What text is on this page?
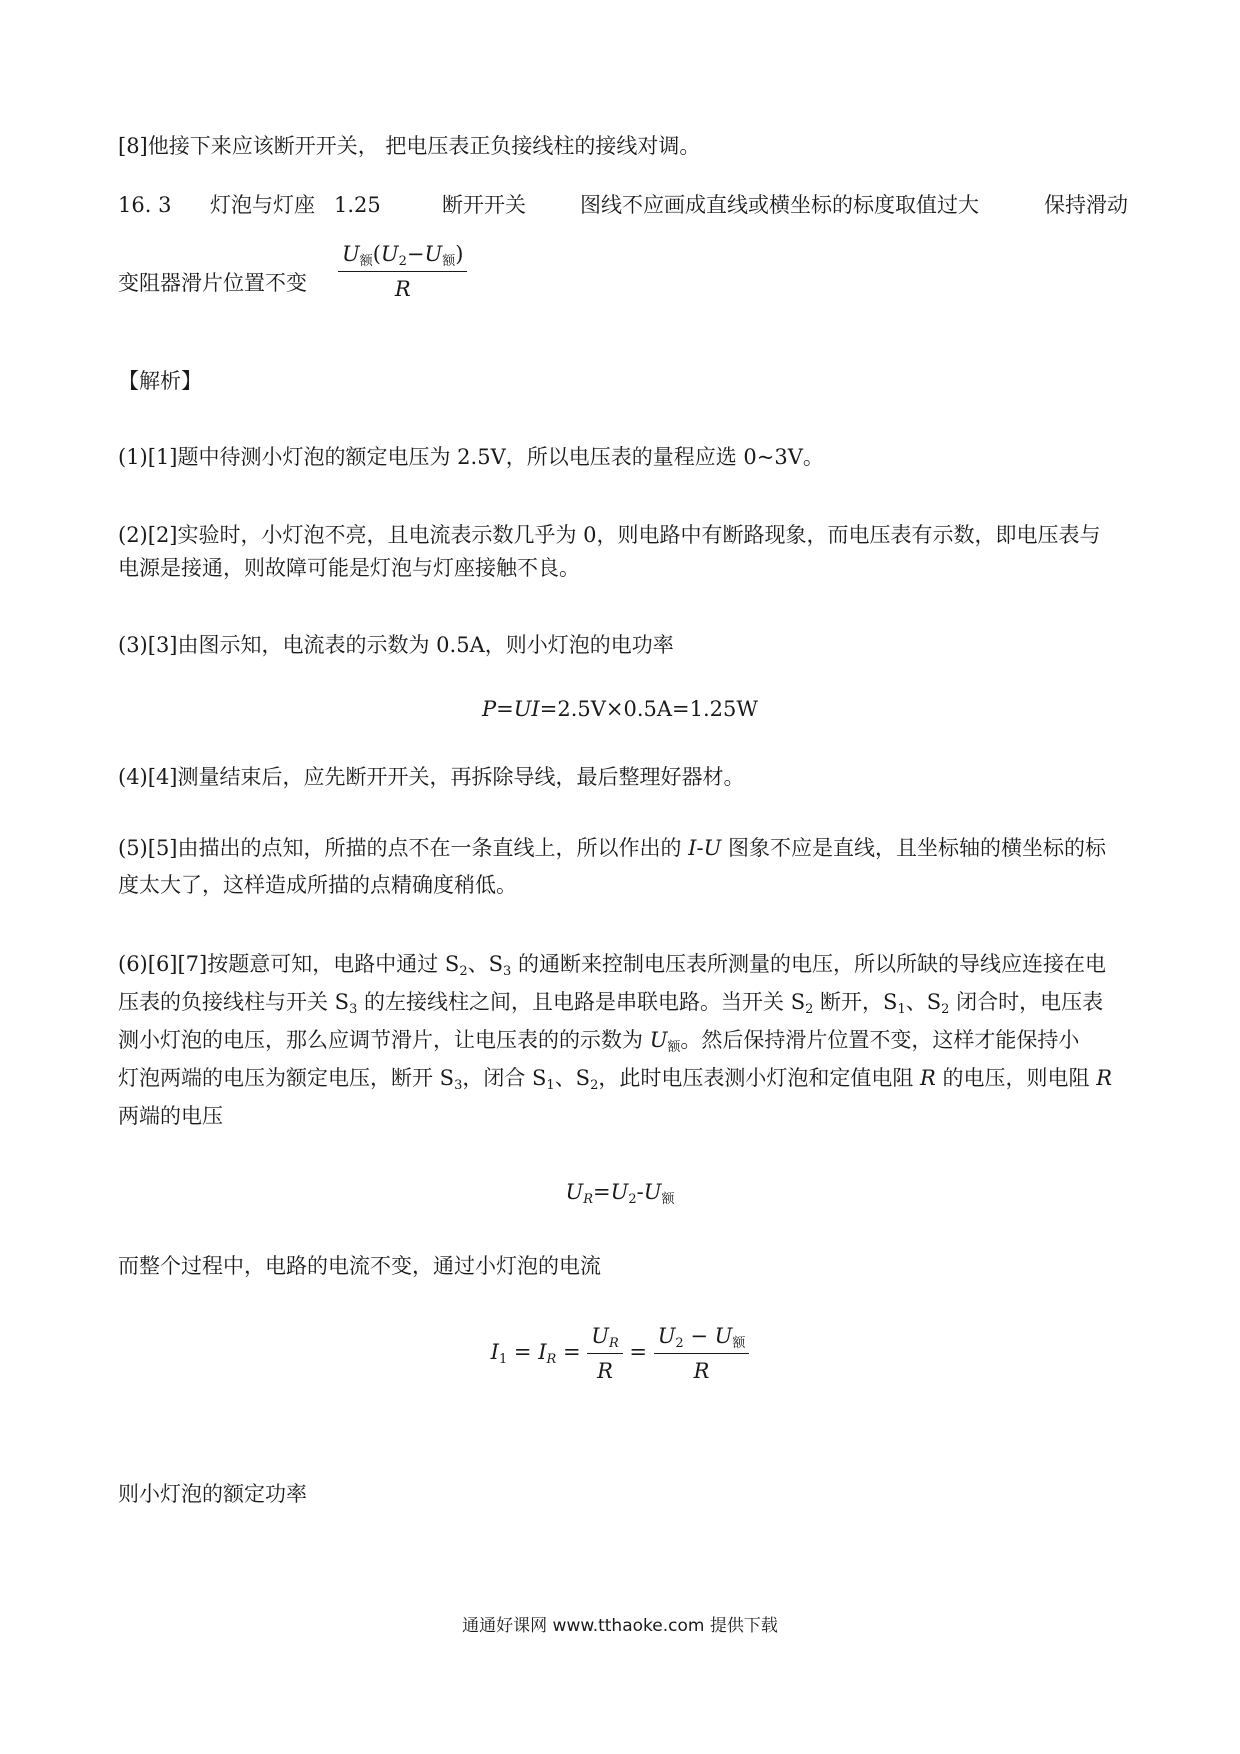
[8]他接下来应该断开开关， 把电压表正负接线柱的接线对调。
16. 3 灯泡与灯座 1.25	断开开关	图线不应画成直线或横坐标的标度取值过大	保持滑动
变阻器滑片位置不变
$U_额(U_2-U_额)$
R
【解析】
(1)[1]题中待测小灯泡的额定电压为 2.5V，所以电压表的量程应选 0~3V。
(2)[2]实验时，小灯泡不亮，且电流表示数几乎为 0，则电路中有断路现象，而电压表有示数，即电压表与
电源是接通，则故障可能是灯泡与灯座接触不良。
(3)[3]由图示知，电流表的示数为 0.5A，则小灯泡的电功率
P=UI=2.5V×0.5A=1.25W
(4)[4]测量结束后，应先断开开关，再拆除导线，最后整理好器材。
(5)[5]由描出的点知，所描的点不在一条直线上，所以作出的 I-U 图象不应是直线，且坐标轴的横坐标的标
度太大了，这样造成所描的点精确度稍低。
(6)[6][7]按题意可知，电路中通过 $S_2$、$S_3$ 的通断来控制电压表所测量的电压，所以所缺的导线应连接在电
压表的负接线柱与开关 $S_3$ 的左接线柱之间，且电路是串联电路。当开关 $S_2$ 断开，$S_1$、$S_2$ 闭合时，电压表
测小灯泡的电压，那么应调节滑片，让电压表的的示数为 $U_额$。然后保持滑片位置不变，这样才能保持小
灯泡两端的电压为额定电压，断开 $S_3$，闭合 $S_1$、$S_2$，此时电压表测小灯泡和定值电阻 R 的电压，则电阻 R
两端的电压
$U_R=U_2-U_额$
而整个过程中，电路的电流不变，通过小灯泡的电流
$I_1 = I_R = \frac{U_R}{R} = \frac{U_2 - U_额}{R}$
则小灯泡的额定功率
通通好课网 www.tthaoke.com 提供下载
